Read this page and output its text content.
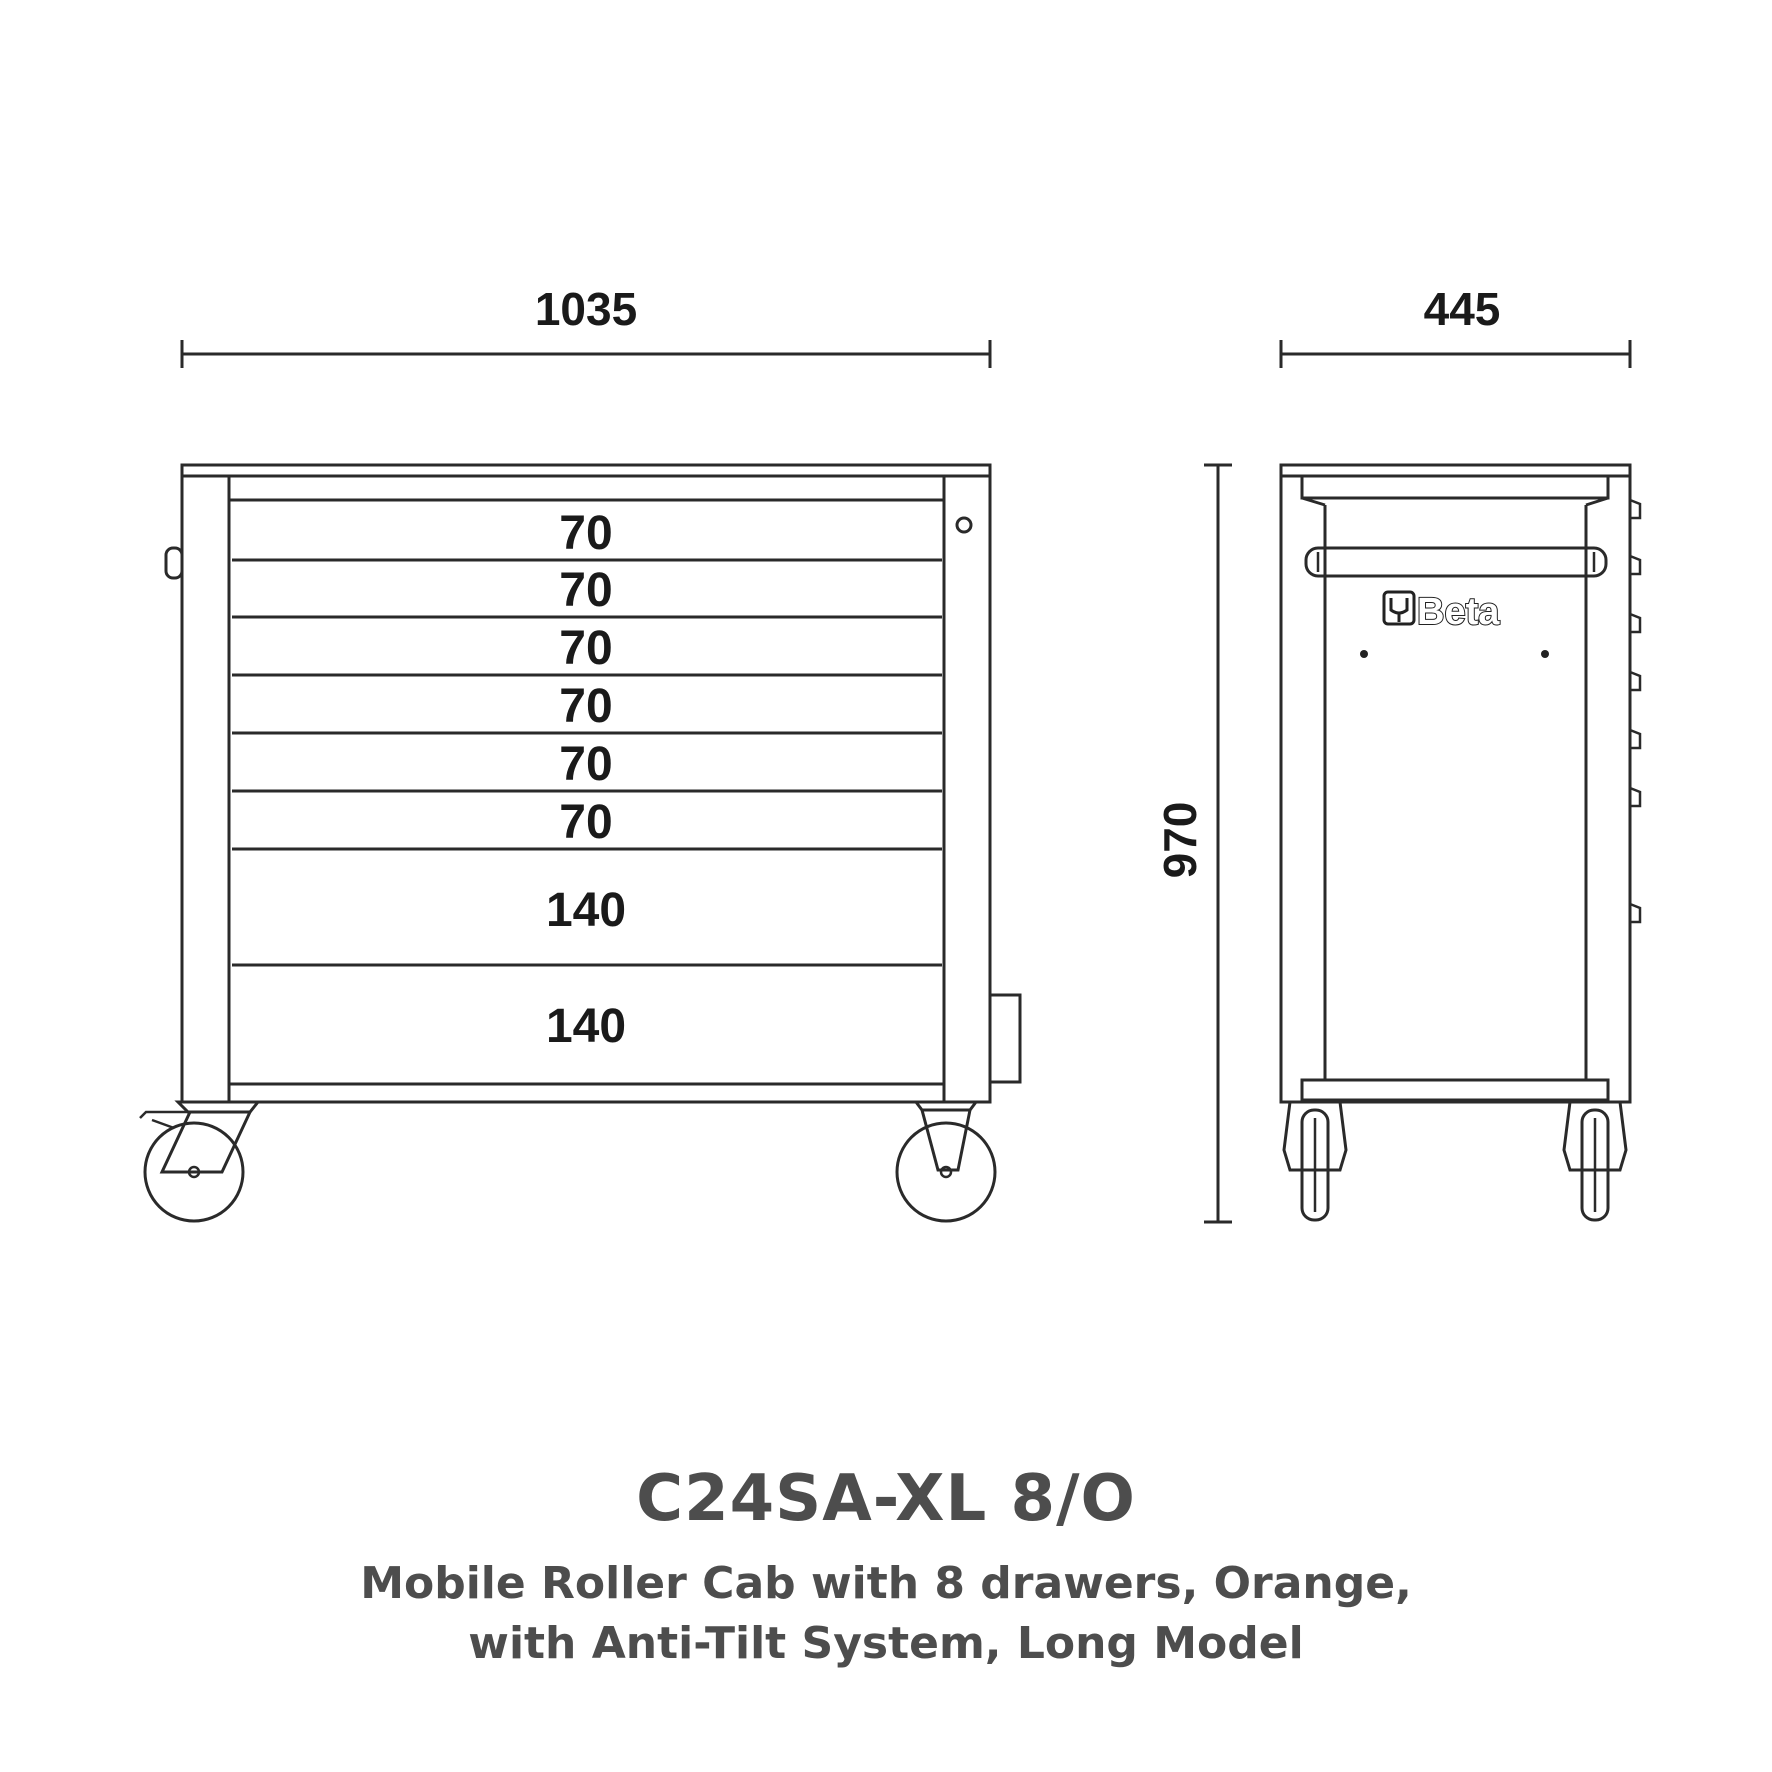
1035	445
970
70
70
70
70
70
70
140
140
Beta
C24SA-XL 8/O
Mobile Roller Cab with 8 drawers, Orange,
with Anti-Tilt System, Long Model
